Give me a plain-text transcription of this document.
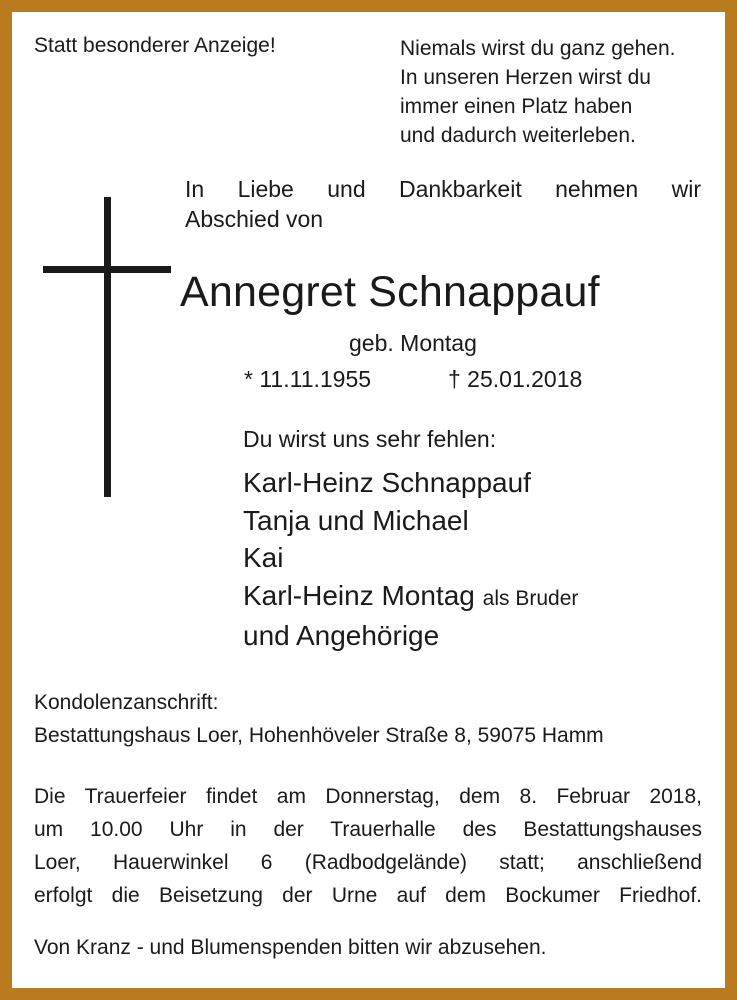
Statt besonderer Anzeige!	Niemals wirst du ganz gehen.
In unseren Herzen wirst du
immer einen Platz haben
und dadurch weiterleben.
In Liebe und Dankbarkeit nehmen wir
Abschied von
Annegret Schnappauf
geb. Montag
* 11.11.1955	† 25.01.2018
Du wirst uns sehr fehlen:
Karl-Heinz Schnappauf
Tanja und Michael
Kai
Karl-Heinz Montag als Bruder
und Angehörige
Kondolenzanschrift:
Bestattungshaus Loer, Hohenhöveler Straße 8, 59075 Hamm
Die Trauerfeier findet am Donnerstag, dem 8. Februar 2018,
um 10.00 Uhr in der Trauerhalle des Bestattungshauses
Loer, Hauerwinkel 6 (Radbodgelände) statt; anschließend
erfolgt die Beisetzung der Urne auf dem Bockumer Friedhof.
Von Kranz - und Blumenspenden bitten wir abzusehen.
